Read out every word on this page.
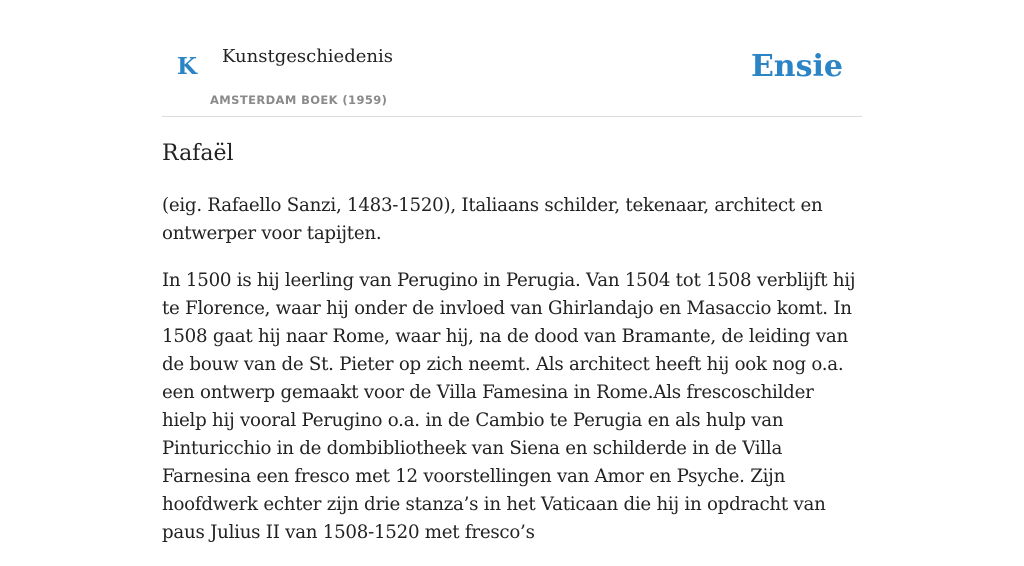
K Kunstgeschiedenis
AMSTERDAM BOEK (1959)
Ensie
Rafaël

(eig. Rafaello Sanzi, 1483-1520), Italiaans schilder, tekenaar, architect en ontwerper voor tapijten.

In 1500 is hij leerling van Perugino in Perugia. Van 1504 tot 1508 verblijft hij te Florence, waar hij onder de invloed van Ghirlandajo en Masaccio komt. In 1508 gaat hij naar Rome, waar hij, na de dood van Bramante, de leiding van de bouw van de St. Pieter op zich neemt. Als architect heeft hij ook nog o.a. een ontwerp gemaakt voor de Villa Famesina in Rome.Als frescoschilder hielp hij vooral Perugino o.a. in de Cambio te Perugia en als hulp van Pinturicchio in de dombibliotheek van Siena en schilderde in de Villa Farnesina een fresco met 12 voorstellingen van Amor en Psyche. Zijn hoofdwerk echter zijn drie stanza’s in het Vaticaan die hij in opdracht van paus Julius II van 1508-1520 met fresco’s
